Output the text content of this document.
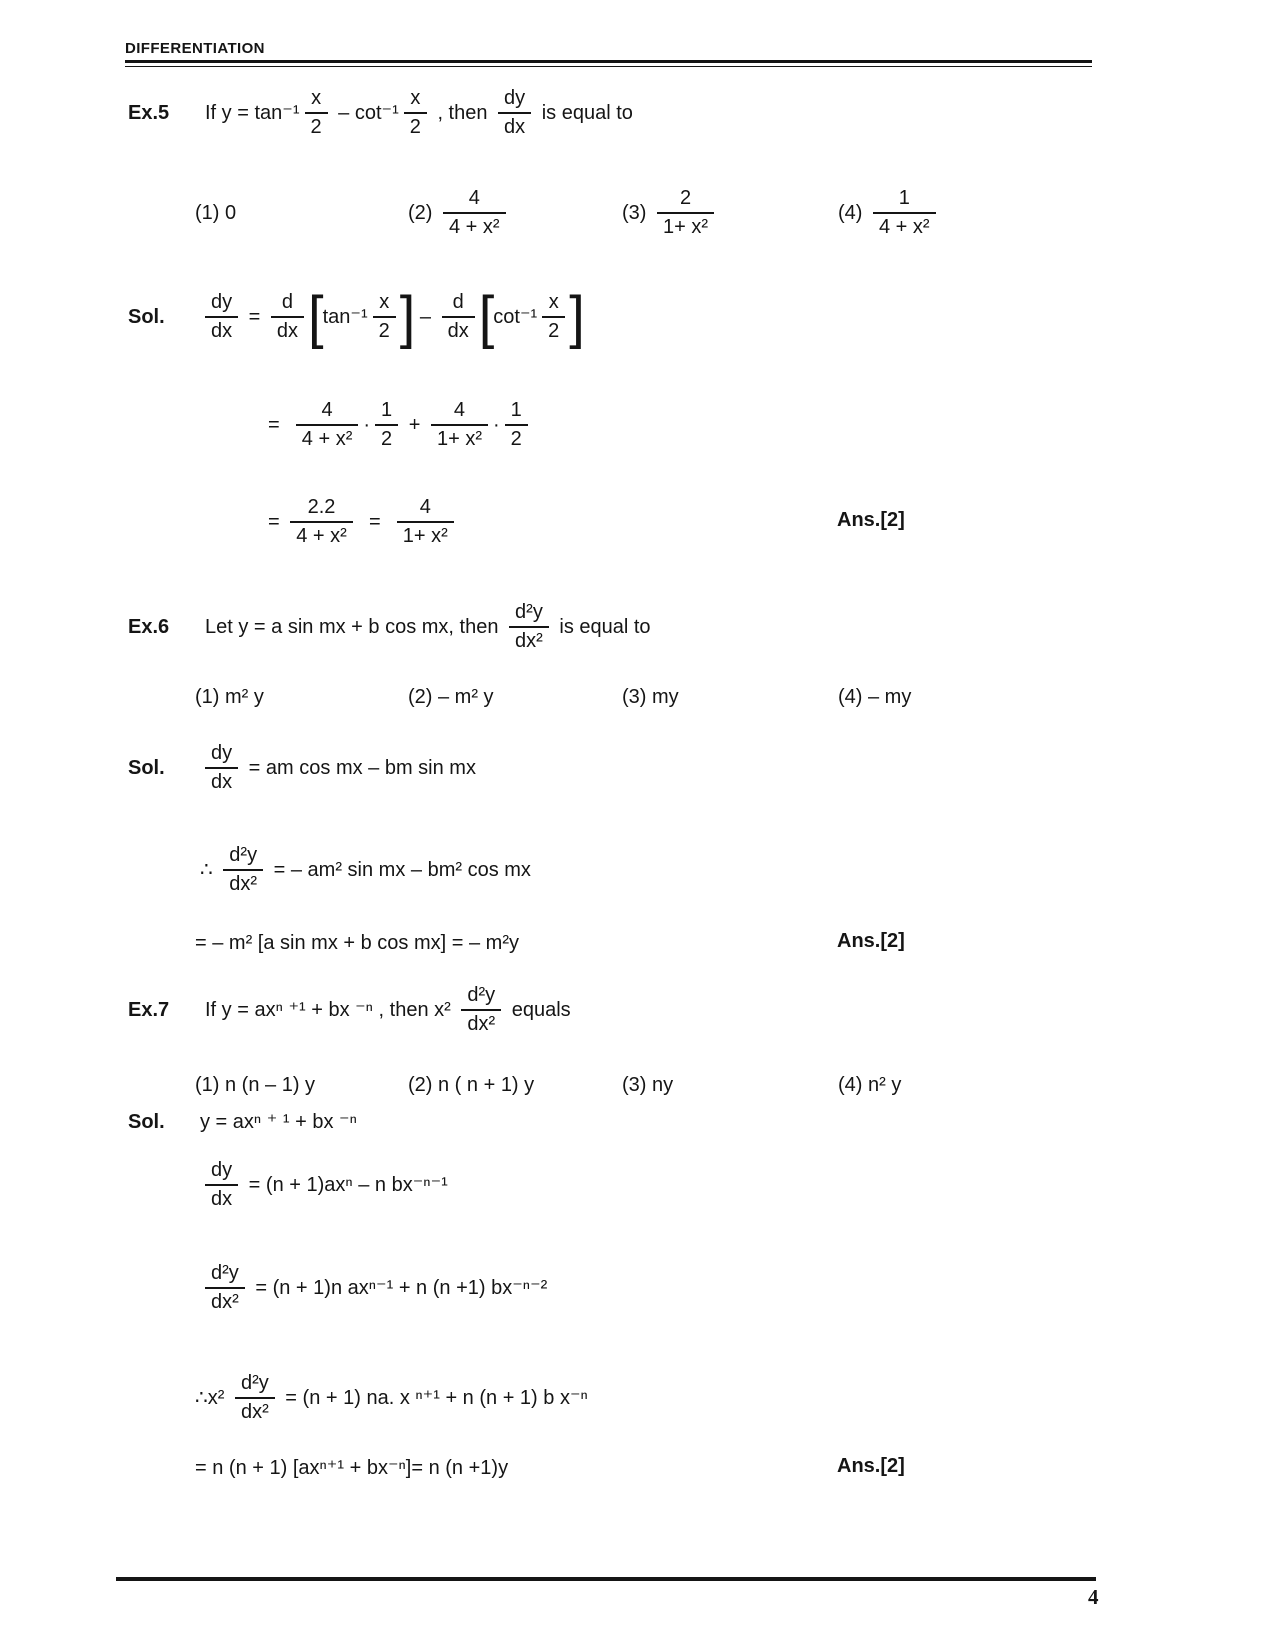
DIFFERENTIATION
Ex.5	If $y = \tan^{-1} \frac{x}{2} - \cot^{-1} \frac{x}{2}$ , then $\frac{dy}{dx}$ is equal to
(1) 0	$(2) \frac{4}{\text{4 + x²}}$	$(3) \frac{2}{\text{1+ x²}}$	$(4) \frac{1}{\text{4 + x²}}$
Sol.	$\frac{dy}{dx} = \frac{d}{dx}$ [ $\tan^{-1} \frac{x}{2}$ ] – $\frac{d}{dx}$ [ $\cot^{-1} \frac{x}{2}$ ]
= $\frac{4}{\text{4 + x²}} \cdot \frac{1}{2} + \frac{4}{\text{1+ x²}} \cdot \frac{1}{2}$
= $\frac{2.2}{\text{4 + x²}} = \frac{4}{\text{1+ x²}}$	Ans.[2]
Ex.6	Let y = a sin mx + b cos mx, then $\frac{\text{d²y}}{\text{dx²}}$ is equal to
(1) m² y	(2) – m² y	(3) my	(4) – my
Sol.	$\frac{dy}{dx}$ = am cos mx – bm sin mx
∴ $\frac{\text{d²y}}{\text{dx²}}$ = – am² sin mx – bm² cos mx
= – m² [a sin mx + b cos mx] = – m²y	Ans.[2]
Ex.7	If y = axⁿ ⁺¹ + bx ⁻ⁿ , then $x^2 \frac{\text{d²y}}{\text{dx²}}$ equals
(1) n (n – 1) y	(2) n ( n + 1) y	(3) ny	(4) n² y
Sol.	y = axⁿ ⁺ ¹ + bx ⁻ⁿ
$\frac{dy}{dx} = (n + 1)ax^n - n$ bx⁻ⁿ⁻¹
$\frac{\text{d²y}}{\text{dx²}} = (n + 1)n$ axⁿ⁻¹ + n (n +1) bx⁻ⁿ⁻²
∴x² $\frac{\text{d²y}}{\text{dx²}} = (n + 1)$ na. x ⁿ⁺¹ + n (n + 1) b x⁻ⁿ
= n (n + 1) [axⁿ⁺¹ + bx⁻ⁿ]= n (n +1)y	Ans.[2]
4
